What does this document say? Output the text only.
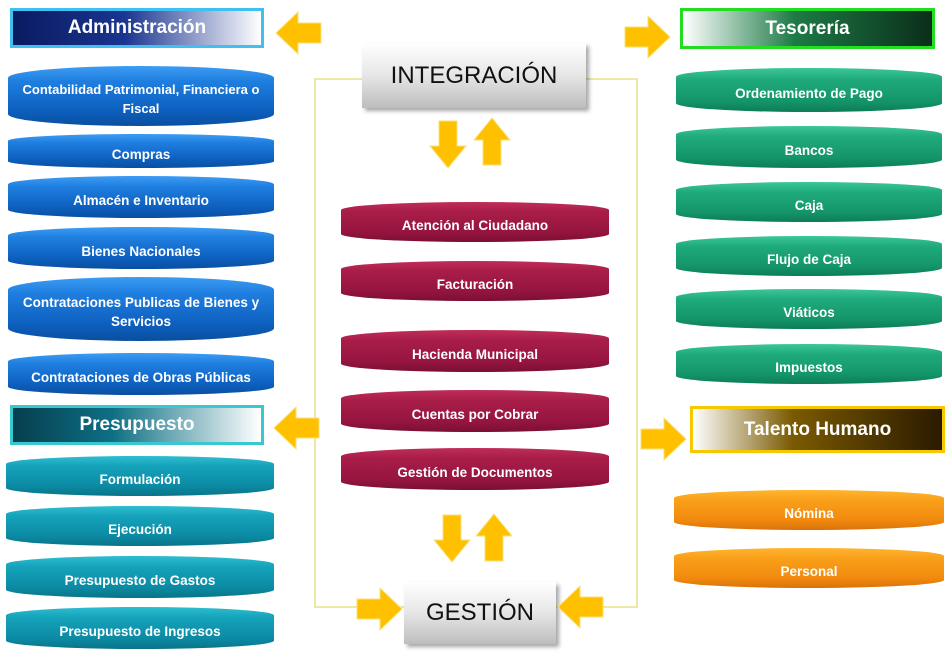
Administración
Presupuesto
Tesorería
Talento Humano
INTEGRACIÓN
GESTIÓN
Contabilidad Patrimonial, Financiera o Fiscal
Compras
Almacén e Inventario
Bienes Nacionales
Contrataciones Publicas de Bienes y Servicios
Contrataciones de Obras Públicas
Formulación
Ejecución
Presupuesto de Gastos
Presupuesto de Ingresos
Ordenamiento de Pago
Bancos
Caja
Flujo de Caja
Viáticos
Impuestos
Nómina
Personal
Atención al Ciudadano
Facturación
Hacienda Municipal
Cuentas por Cobrar
Gestión de Documentos
